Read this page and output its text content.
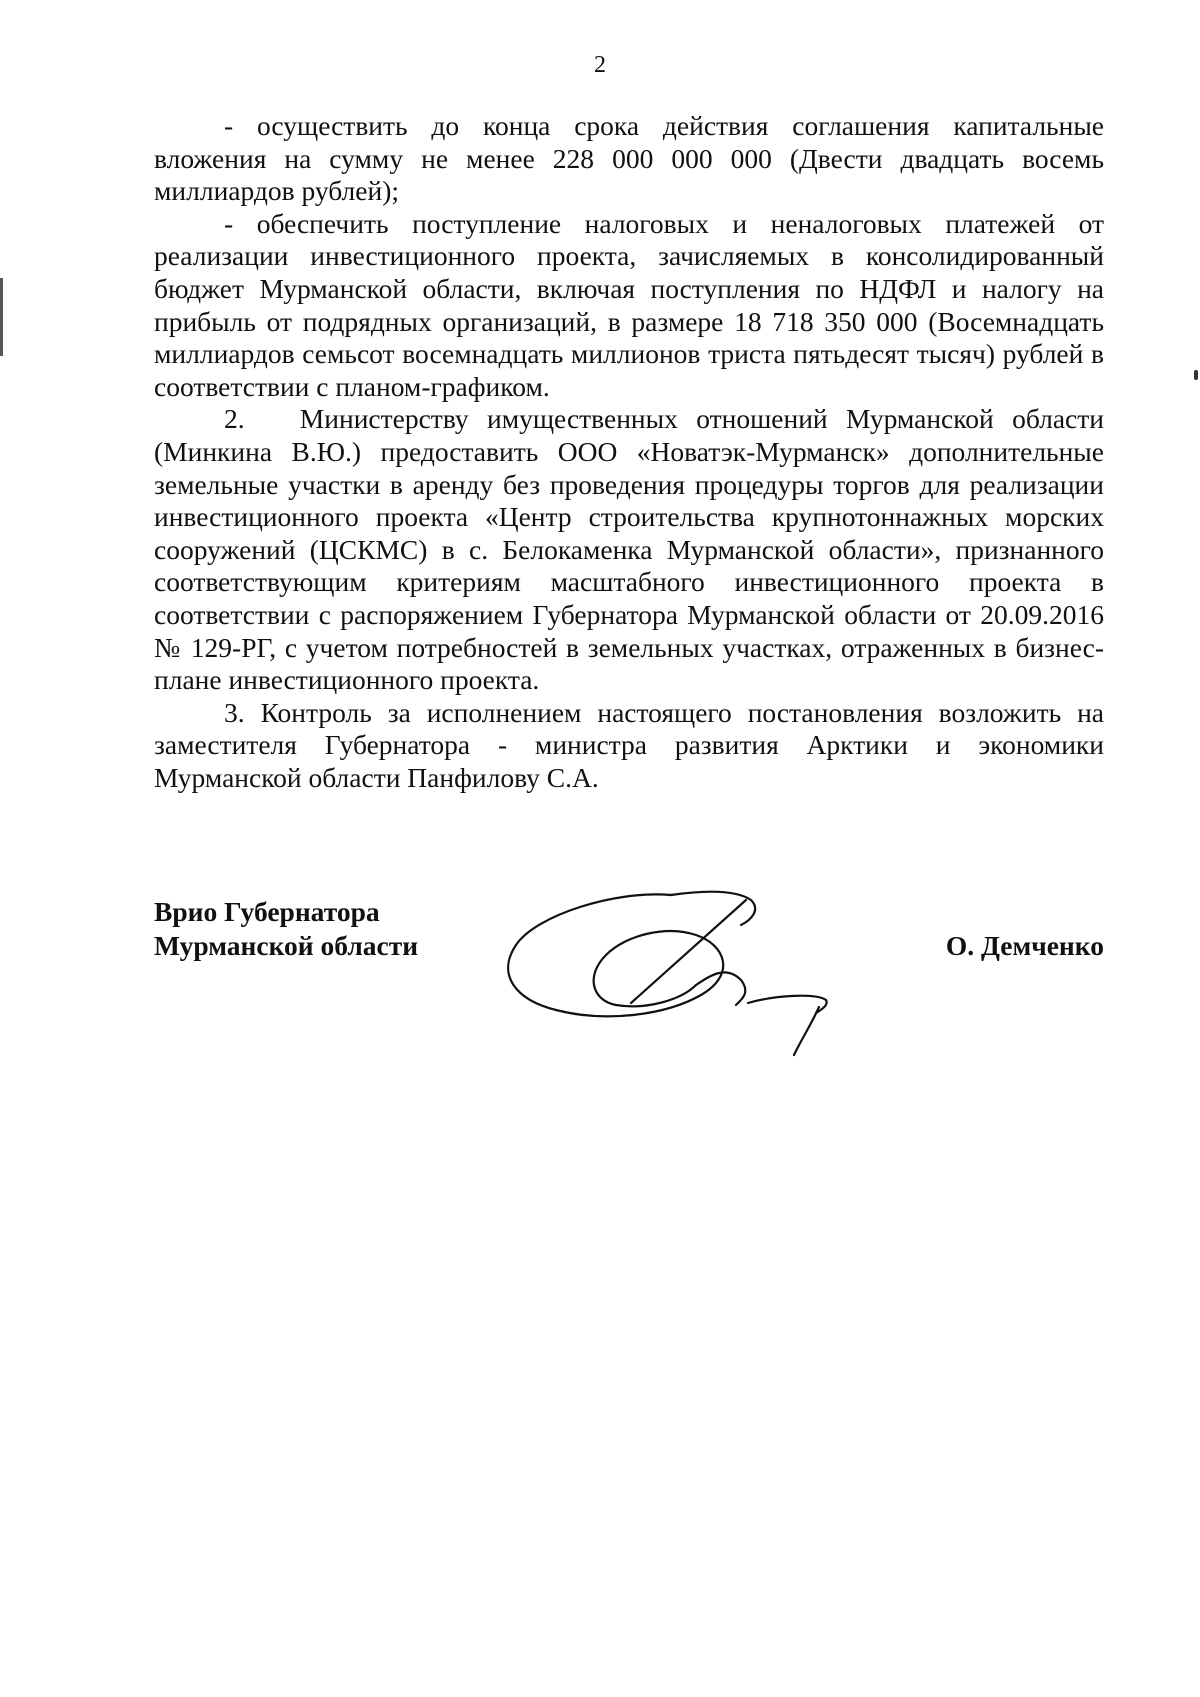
2

- осуществить до конца срока действия соглашения капитальные вложения на сумму не менее 228 000 000 000 (Двести двадцать восемь миллиардов рублей);

- обеспечить поступление налоговых и неналоговых платежей от реализации инвестиционного проекта, зачисляемых в консолидированный бюджет Мурманской области, включая поступления по НДФЛ и налогу на прибыль от подрядных организаций, в размере 18 718 350 000 (Восемнадцать миллиардов семьсот восемнадцать миллионов триста пятьдесят тысяч) рублей в соответствии с планом-графиком.

2.   Министерству имущественных отношений Мурманской области (Минкина В.Ю.) предоставить ООО «Новатэк-Мурманск» дополнительные земельные участки в аренду без проведения процедуры торгов для реализации инвестиционного проекта «Центр строительства крупнотоннажных морских сооружений (ЦСКМС) в с. Белокаменка Мурманской области», признанного соответствующим критериям масштабного инвестиционного проекта в соответствии с распоряжением Губернатора Мурманской области от 20.09.2016 № 129-РГ, с учетом потребностей в земельных участках, отраженных в бизнес-плане инвестиционного проекта.

3. Контроль за исполнением настоящего постановления возложить на заместителя Губернатора - министра развития Арктики и экономики Мурманской области Панфилову С.А.

Врио Губернатора
Мурманской области	О. Демченко
